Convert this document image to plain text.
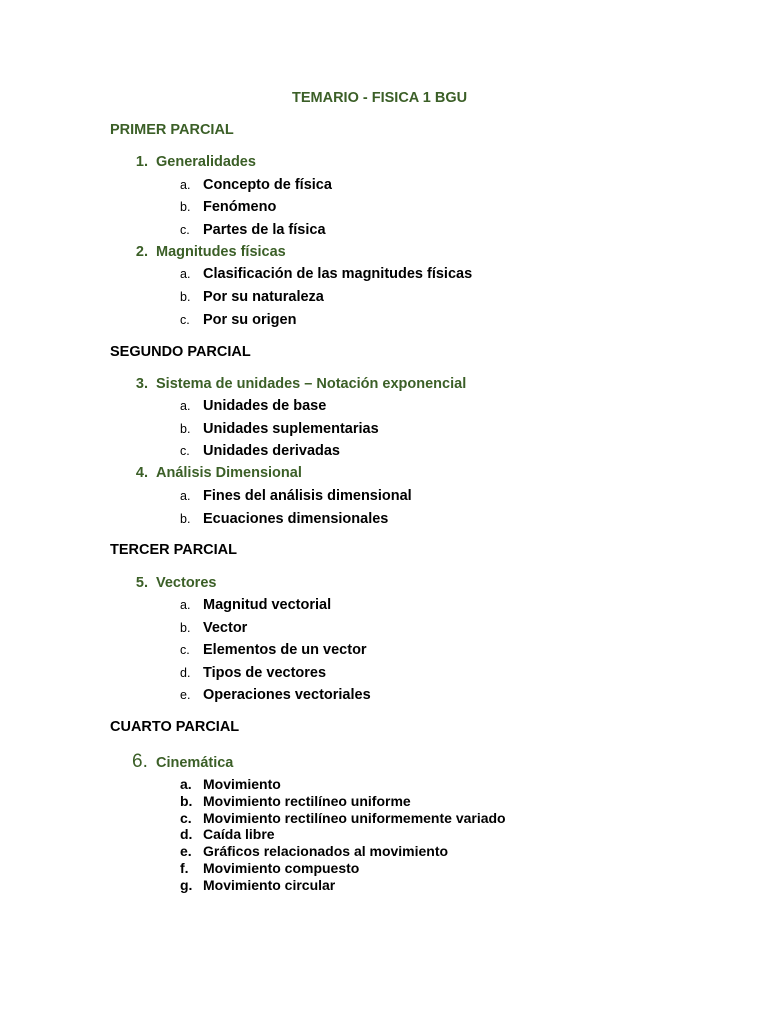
TEMARIO - FISICA 1 BGU
PRIMER PARCIAL
1. Generalidades
a. Concepto de física
b. Fenómeno
c. Partes de la física
2. Magnitudes físicas
a. Clasificación de las magnitudes físicas
b. Por su naturaleza
c. Por su origen
SEGUNDO PARCIAL
3. Sistema de unidades – Notación exponencial
a. Unidades de base
b. Unidades suplementarias
c. Unidades derivadas
4. Análisis Dimensional
a. Fines del análisis dimensional
b. Ecuaciones dimensionales
TERCER PARCIAL
5. Vectores
a. Magnitud vectorial
b. Vector
c. Elementos de un vector
d. Tipos de vectores
e. Operaciones vectoriales
CUARTO PARCIAL
6. Cinemática
a. Movimiento
b. Movimiento rectilíneo uniforme
c. Movimiento rectilíneo uniformemente variado
d. Caída libre
e. Gráficos relacionados al movimiento
f. Movimiento compuesto
g. Movimiento circular
